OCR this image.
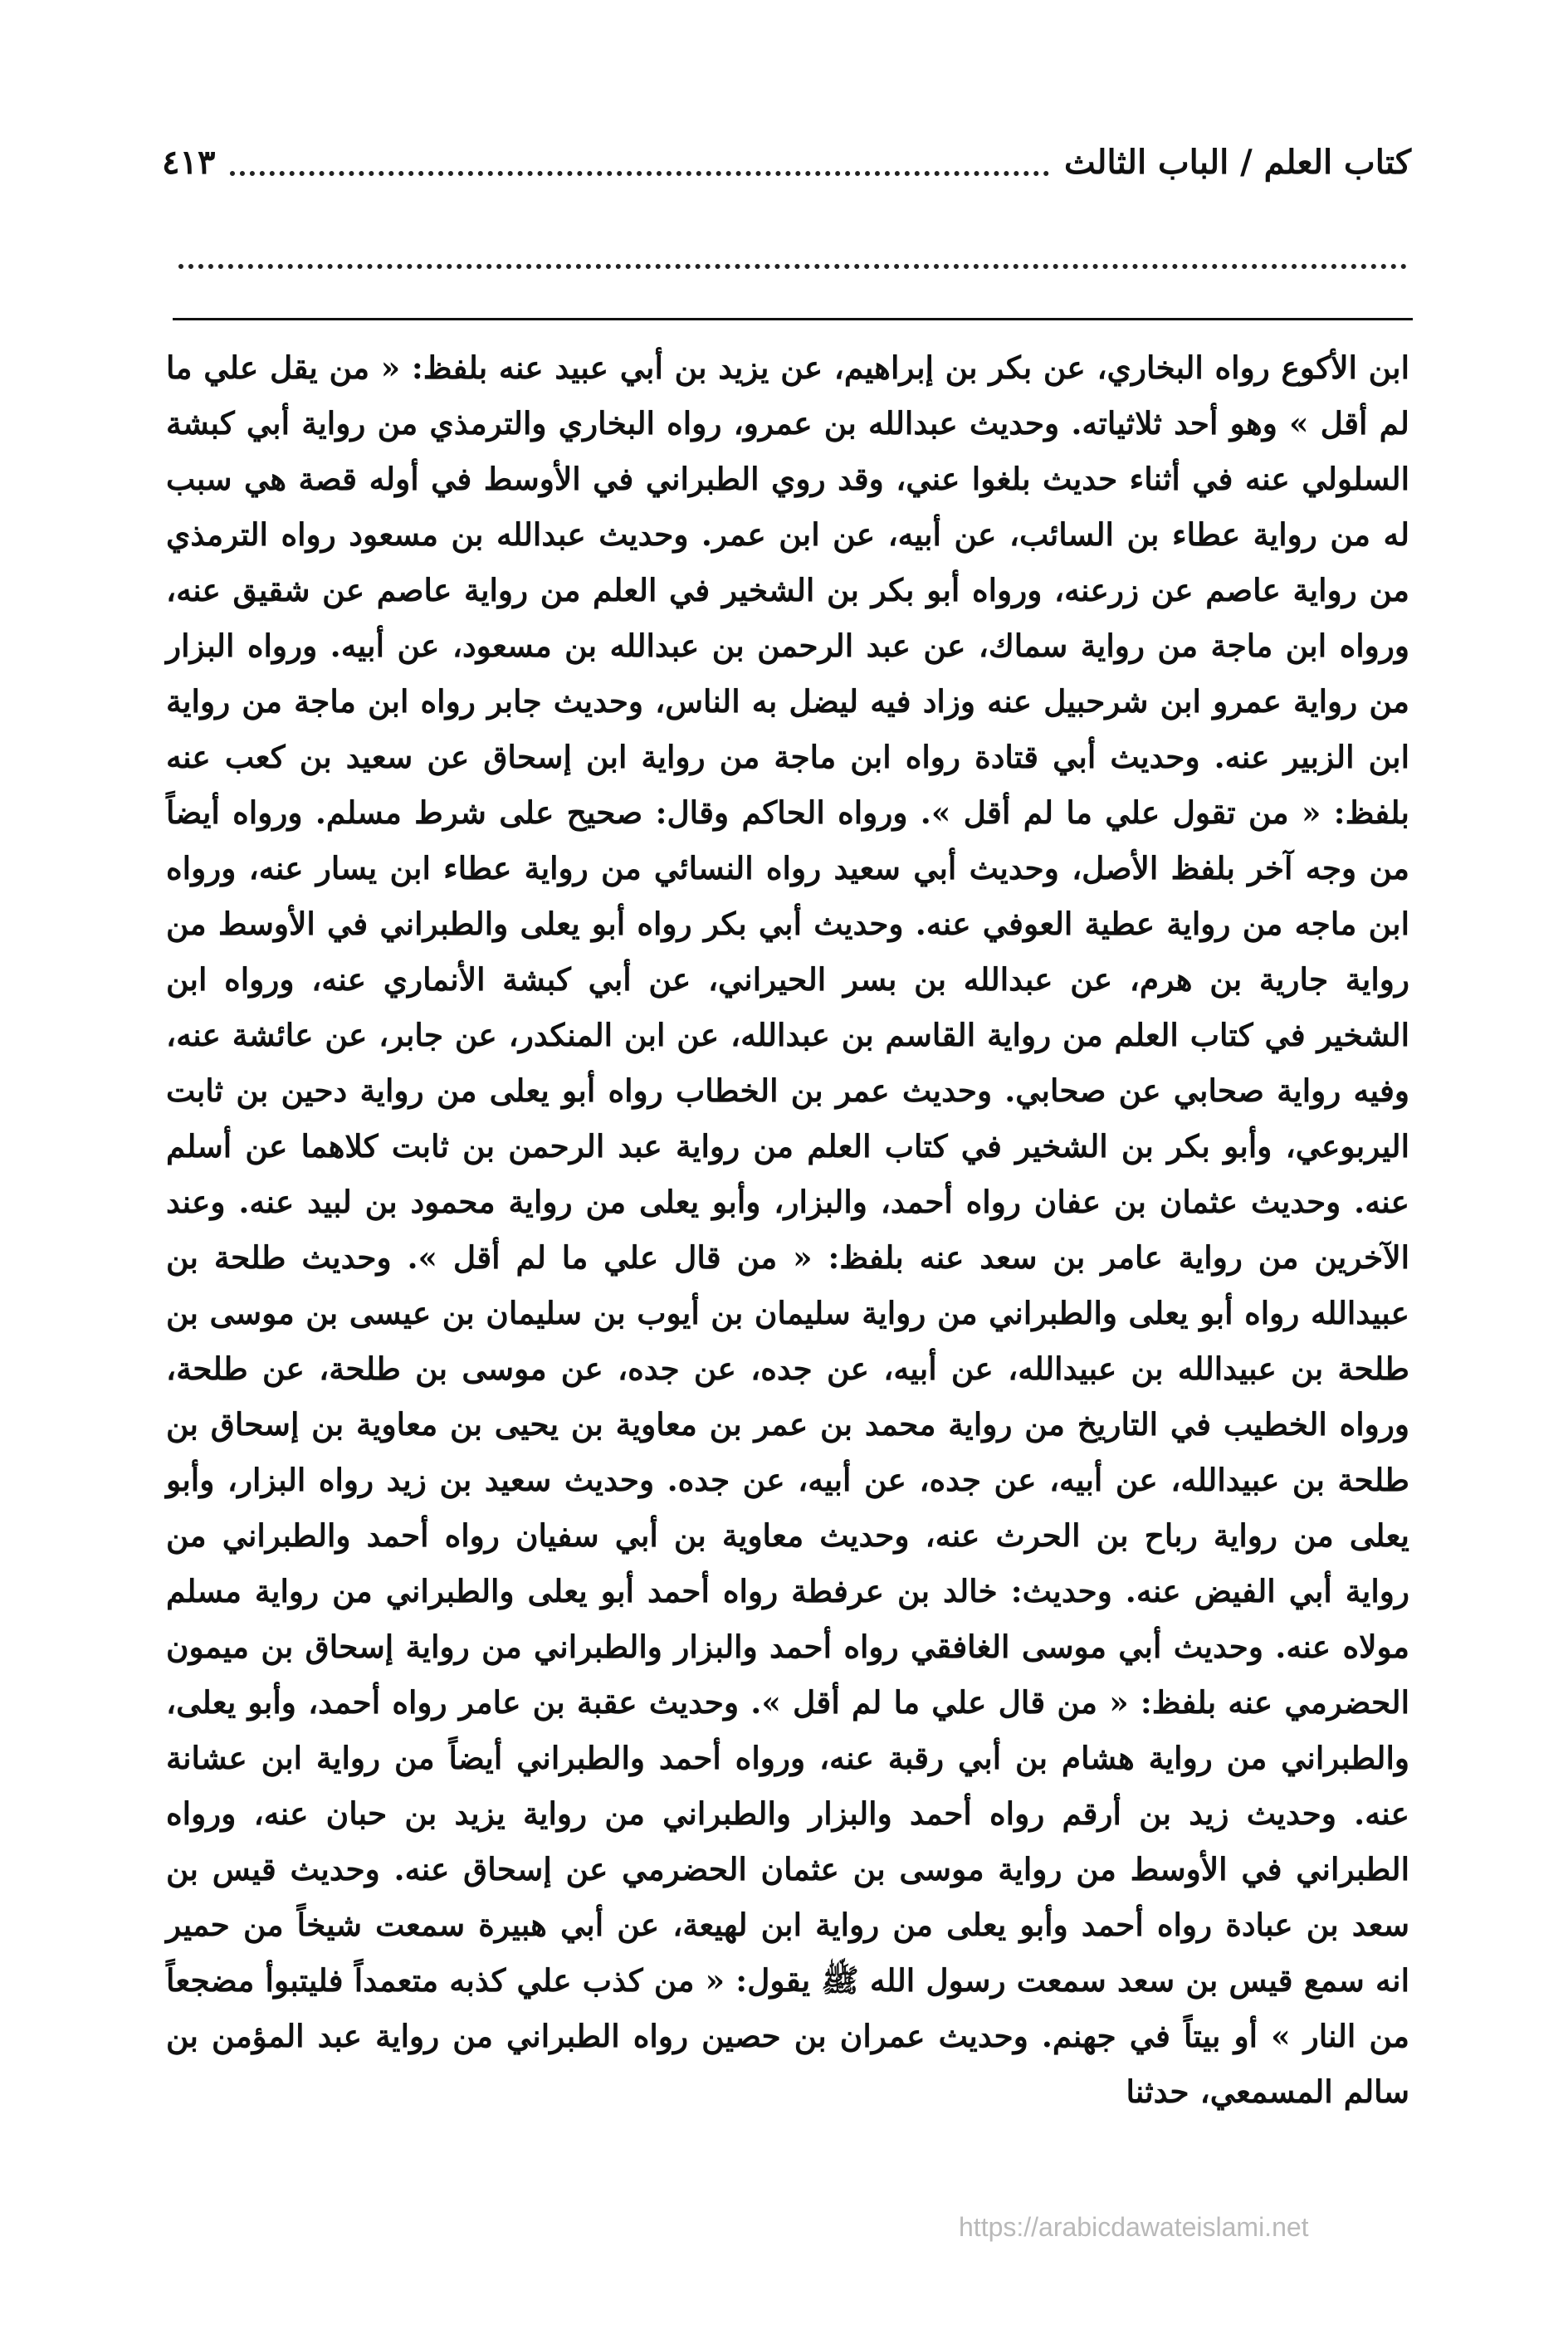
كتاب العلم / الباب الثالث
٤١٣

ابن الأكوع رواه البخاري، عن بكر بن إبراهيم، عن يزيد بن أبي عبيد عنه بلفظ: « من يقل علي ما لم أقل » وهو أحد ثلاثياته. وحديث عبدالله بن عمرو، رواه البخاري والترمذي من رواية أبي كبشة السلولي عنه في أثناء حديث بلغوا عني، وقد روي الطبراني في الأوسط في أوله قصة هي سبب له من رواية عطاء بن السائب، عن أبيه، عن ابن عمر. وحديث عبدالله بن مسعود رواه الترمذي من رواية عاصم عن زرعنه، ورواه أبو بكر بن الشخير في العلم من رواية عاصم عن شقيق عنه، ورواه ابن ماجة من رواية سماك، عن عبد الرحمن بن عبدالله بن مسعود، عن أبيه. ورواه البزار من رواية عمرو ابن شرحبيل عنه وزاد فيه ليضل به الناس، وحديث جابر رواه ابن ماجة من رواية ابن الزبير عنه. وحديث أبي قتادة رواه ابن ماجة من رواية ابن إسحاق عن سعيد بن كعب عنه بلفظ: « من تقول علي ما لم أقل ». ورواه الحاكم وقال: صحيح على شرط مسلم. ورواه أيضاً من وجه آخر بلفظ الأصل، وحديث أبي سعيد رواه النسائي من رواية عطاء ابن يسار عنه، ورواه ابن ماجه من رواية عطية العوفي عنه. وحديث أبي بكر رواه أبو يعلى والطبراني في الأوسط من رواية جارية بن هرم، عن عبدالله بن بسر الحيراني، عن أبي كبشة الأنماري عنه، ورواه ابن الشخير في كتاب العلم من رواية القاسم بن عبدالله، عن ابن المنكدر، عن جابر، عن عائشة عنه، وفيه رواية صحابي عن صحابي. وحديث عمر بن الخطاب رواه أبو يعلى من رواية دحين بن ثابت اليربوعي، وأبو بكر بن الشخير في كتاب العلم من رواية عبد الرحمن بن ثابت كلاهما عن أسلم عنه. وحديث عثمان بن عفان رواه أحمد، والبزار، وأبو يعلى من رواية محمود بن لبيد عنه. وعند الآخرين من رواية عامر بن سعد عنه بلفظ: « من قال علي ما لم أقل ». وحديث طلحة بن عبيدالله رواه أبو يعلى والطبراني من رواية سليمان بن أيوب بن سليمان بن عيسى بن موسى بن طلحة بن عبيدالله بن عبيدالله، عن أبيه، عن جده، عن جده، عن موسى بن طلحة، عن طلحة، ورواه الخطيب في التاريخ من رواية محمد بن عمر بن معاوية بن يحيى بن معاوية بن إسحاق بن طلحة بن عبيدالله، عن أبيه، عن جده، عن أبيه، عن جده. وحديث سعيد بن زيد رواه البزار، وأبو يعلى من رواية رباح بن الحرث عنه، وحديث معاوية بن أبي سفيان رواه أحمد والطبراني من رواية أبي الفيض عنه. وحديث: خالد بن عرفطة رواه أحمد أبو يعلى والطبراني من رواية مسلم مولاه عنه. وحديث أبي موسى الغافقي رواه أحمد والبزار والطبراني من رواية إسحاق بن ميمون الحضرمي عنه بلفظ: « من قال علي ما لم أقل ». وحديث عقبة بن عامر رواه أحمد، وأبو يعلى، والطبراني من رواية هشام بن أبي رقبة عنه، ورواه أحمد والطبراني أيضاً من رواية ابن عشانة عنه. وحديث زيد بن أرقم رواه أحمد والبزار والطبراني من رواية يزيد بن حبان عنه، ورواه الطبراني في الأوسط من رواية موسى بن عثمان الحضرمي عن إسحاق عنه. وحديث قيس بن سعد بن عبادة رواه أحمد وأبو يعلى من رواية ابن لهيعة، عن أبي هبيرة سمعت شيخاً من حمير انه سمع قيس بن سعد سمعت رسول الله ﷺ يقول: « من كذب علي كذبه متعمداً فليتبوأ مضجعاً من النار » أو بيتاً في جهنم. وحديث عمران بن حصين رواه الطبراني من رواية عبد المؤمن بن سالم المسمعي، حدثنا

https://arabicdawateislami.net
